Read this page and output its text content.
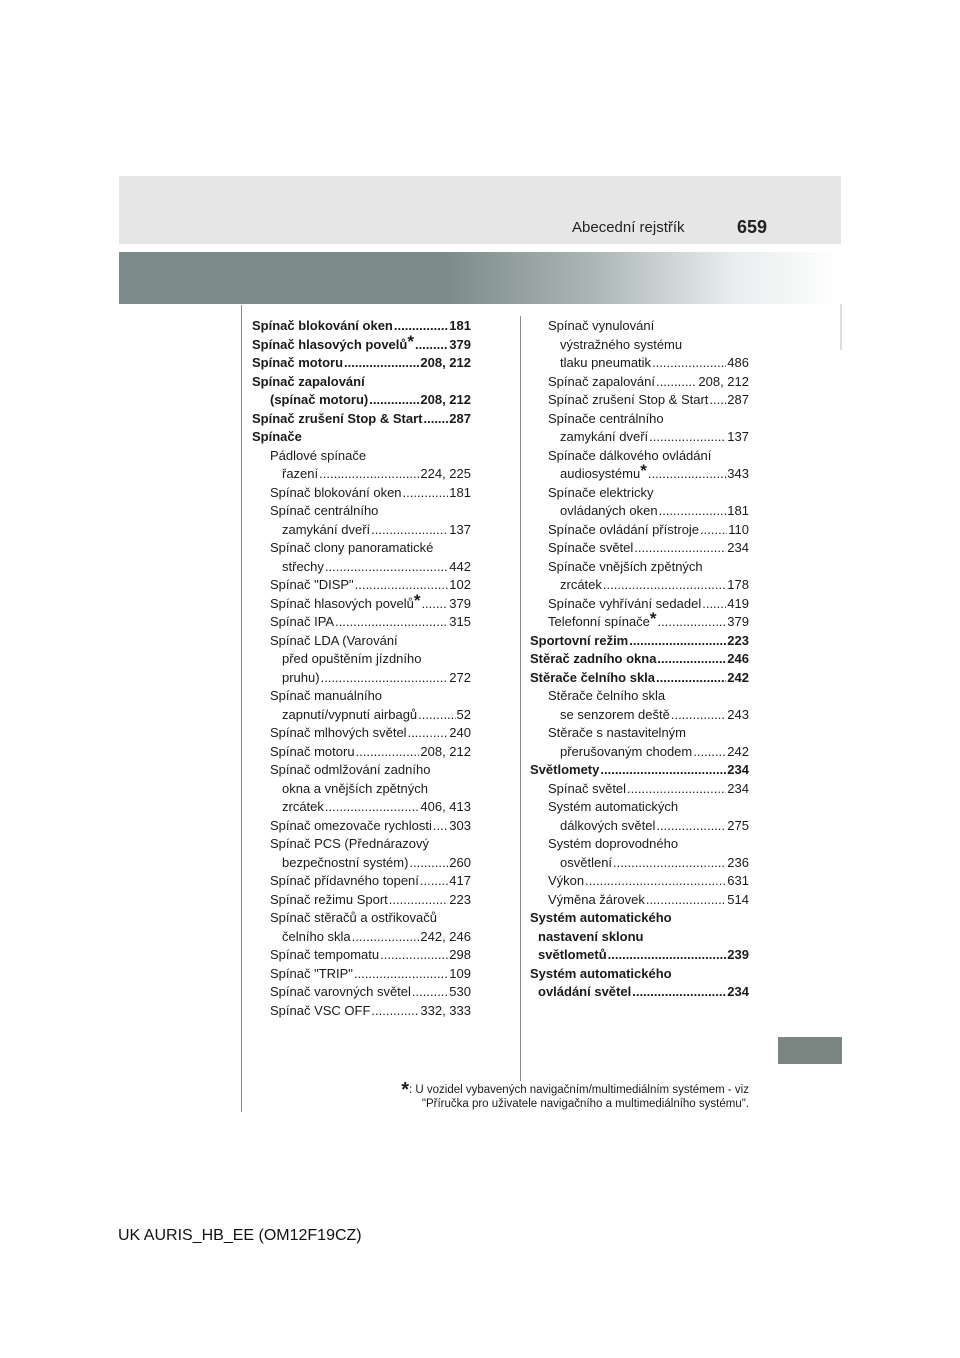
Abecední rejstřík	659
Spínač blokování oken .....	181
Spínač hlasových povelů * .....	379
Spínač motoru .....	208, 212
Spínač zapalování
(spínač motoru) .....	208, 212
Spínač zrušení Stop & Start ..... 287
Spínače
Pádlové spínače
řazení .....	224, 225
Spínač blokování oken .....	181
Spínač centrálního
zamykání dveří .....	137
Spínač clony panoramatické
střechy .....	442
Spínač "DISP" .....	102
Spínač hlasových povelů * ..... 379
Spínač IPA .....	315
Spínač LDA (Varování
před opuštěním jízdního
pruhu) .....	272
Spínač manuálního
zapnutí/vypnutí airbagů .....	52
Spínač mlhových světel .....	240
Spínač motoru .....	208, 212
Spínač odmlžování zadního
okna a vnějších zpětných
zrcátek .....	406, 413
Spínač omezovače rychlosti ..... 303
Spínač PCS (Přednárazový
bezpečnostní systém) .....	260
Spínač přídavného topení ..... 417
Spínač režimu Sport .....	223
Spínač stěračů a ostřikovačů
čelního skla .....	242, 246
Spínač tempomatu .....	298
Spínač "TRIP" .....	109
Spínač varovných světel .....	530
Spínač VSC OFF .....	332, 333
Spínač vynulování
výstražného systému
tlaku pneumatik .....	486
Spínač zapalování .....	208, 212
Spínač zrušení Stop & Start ..... 287
Spínače centrálního
zamykání dveří .....	137
Spínače dálkového ovládání
audiosystému * .....	343
Spínače elektricky
ovládaných oken .....	181
Spínače ovládání přístroje ..... 110
Spínače světel .....	234
Spínače vnějších zpětných
zrcátek .....	178
Spínače vyhřívání sedadel ..... 419
Telefonní spínače * .....	379
Sportovní režim .....	223
Stěrač zadního okna .....	246
Stěrače čelního skla .....	242
Stěrače čelního skla
se senzorem deště .....	243
Stěrače s nastavitelným
přerušovaným chodem .....	242
Světlomety .....	234
Spínač světel .....	234
Systém automatických
dálkových světel .....	275
Systém doprovodného
osvětlení .....	236
Výkon .....	631
Výměna žárovek .....	514
Systém automatického
nastavení sklonu
světlometů .....	239
Systém automatického
ovládání světel .....	234
*: U vozidel vybavených navigačním/multimediálním systémem - viz
"Příručka pro uživatele navigačního a multimediálního systému".
UK AURIS_HB_EE (OM12F19CZ)
